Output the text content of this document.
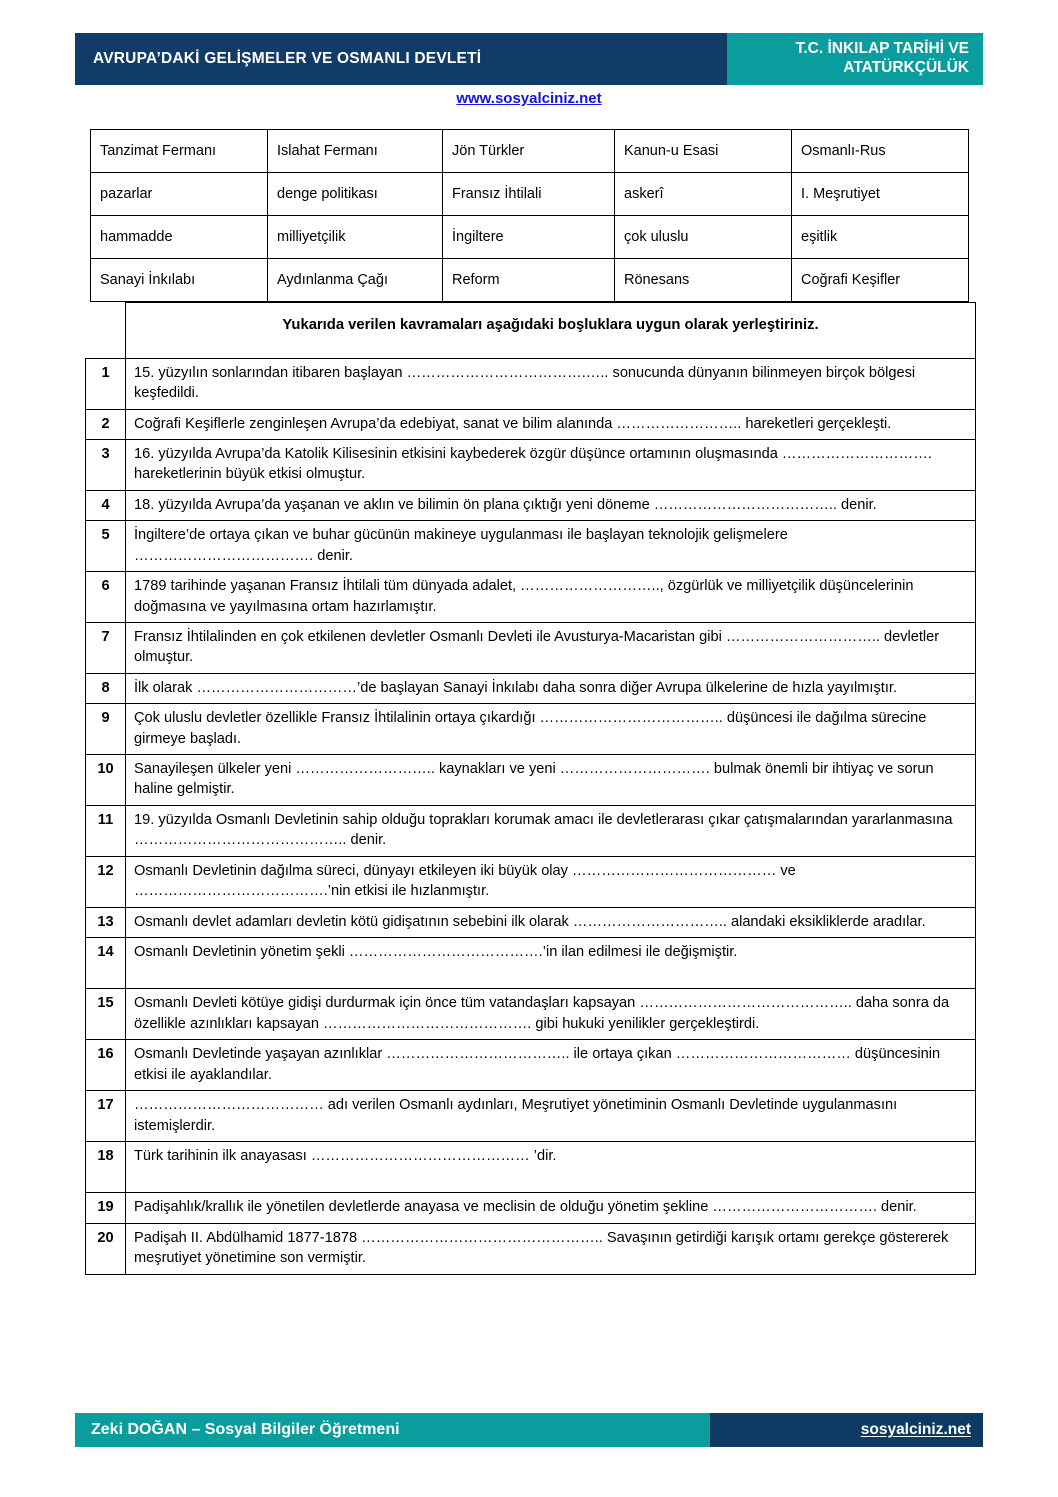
AVRUPA’DAKİ GELİŞMELER VE OSMANLI DEVLETİ
T.C. İNKILAP TARİHİ VE
ATATÜRKÇÜLÜK
www.sosyalciniz.net
Tanzimat Fermanı	Islahat Fermanı	Jön Türkler	Kanun-u Esasi	Osmanlı-Rus
pazarlar	denge politikası	Fransız İhtilali	askerî	I. Meşrutiyet
hammadde	milliyetçilik	İngiltere	çok uluslu	eşitlik
Sanayi İnkılabı	Aydınlanma Çağı	Reform	Rönesans	Coğrafi Keşifler
	Yukarıda verilen kavramaları aşağıdaki boşluklara uygun olarak yerleştiriniz.
1	15. yüzyılın sonlarından itibaren başlayan ……………………………….….. sonucunda dünyanın bilinmeyen birçok bölgesi keşfedildi.
2	Coğrafi Keşiflerle zenginleşen Avrupa’da edebiyat, sanat ve bilim alanında …………………….. hareketleri gerçekleşti.
3	16. yüzyılda Avrupa’da Katolik Kilisesinin etkisini kaybederek özgür düşünce ortamının oluşmasında …………………………. hareketlerinin büyük etkisi olmuştur.
4	18. yüzyılda Avrupa’da yaşanan ve aklın ve bilimin ön plana çıktığı yeni döneme ……………………………….. denir.
5	İngiltere’de ortaya çıkan ve buhar gücünün makineye uygulanması ile başlayan teknolojik gelişmelere ………………………………. denir.
6	1789 tarihinde yaşanan Fransız İhtilali tüm dünyada adalet, ……………………….., özgürlük ve milliyetçilik düşüncelerinin doğmasına ve yayılmasına ortam hazırlamıştır.
7	Fransız İhtilalinden en çok etkilenen devletler Osmanlı Devleti ile Avusturya-Macaristan gibi ………………………….. devletler olmuştur.
8	İlk olarak ……………………………’de başlayan Sanayi İnkılabı daha sonra diğer Avrupa ülkelerine de hızla yayılmıştır.
9	Çok uluslu devletler özellikle Fransız İhtilalinin ortaya çıkardığı ……………………………….. düşüncesi ile dağılma sürecine girmeye başladı.
10	Sanayileşen ülkeler yeni ……………………….. kaynakları ve yeni …………………………. bulmak önemli bir ihtiyaç ve sorun haline gelmiştir.
11	19. yüzyılda Osmanlı Devletinin sahip olduğu toprakları korumak amacı ile devletlerarası çıkar çatışmalarından yararlanmasına …………………………………….. denir.
12	Osmanlı Devletinin dağılma süreci, dünyayı etkileyen iki büyük olay …………………………………… ve ………………………………….’nin etkisi ile hızlanmıştır.
13	Osmanlı devlet adamları devletin kötü gidişatının sebebini ilk olarak ………………………….. alandaki eksikliklerde aradılar.
14	Osmanlı Devletinin yönetim şekli ………………………………….’in ilan edilmesi ile değişmiştir.
15	Osmanlı Devleti kötüye gidişi durdurmak için önce tüm vatandaşları kapsayan …………………………………….. daha sonra da özellikle azınlıkları kapsayan ……………………………………. gibi hukuki yenilikler gerçekleştirdi.
16	Osmanlı Devletinde yaşayan azınlıklar ……………………………….. ile ortaya çıkan ……………………………… düşüncesinin etkisi ile ayaklandılar.
17	………………………………… adı verilen Osmanlı aydınları, Meşrutiyet yönetiminin Osmanlı Devletinde uygulanmasını istemişlerdir.
18	Türk tarihinin ilk anayasası ……………………………………… ’dir.
19	Padişahlık/krallık ile yönetilen devletlerde anayasa ve meclisin de olduğu yönetim şekline ……………………………. denir.
20	Padişah II. Abdülhamid 1877-1878 ………………………………………….. Savaşının getirdiği karışık ortamı gerekçe göstererek meşrutiyet yönetimine son vermiştir.
Zeki DOĞAN – Sosyal Bilgiler Öğretmeni	sosyalciniz.net
